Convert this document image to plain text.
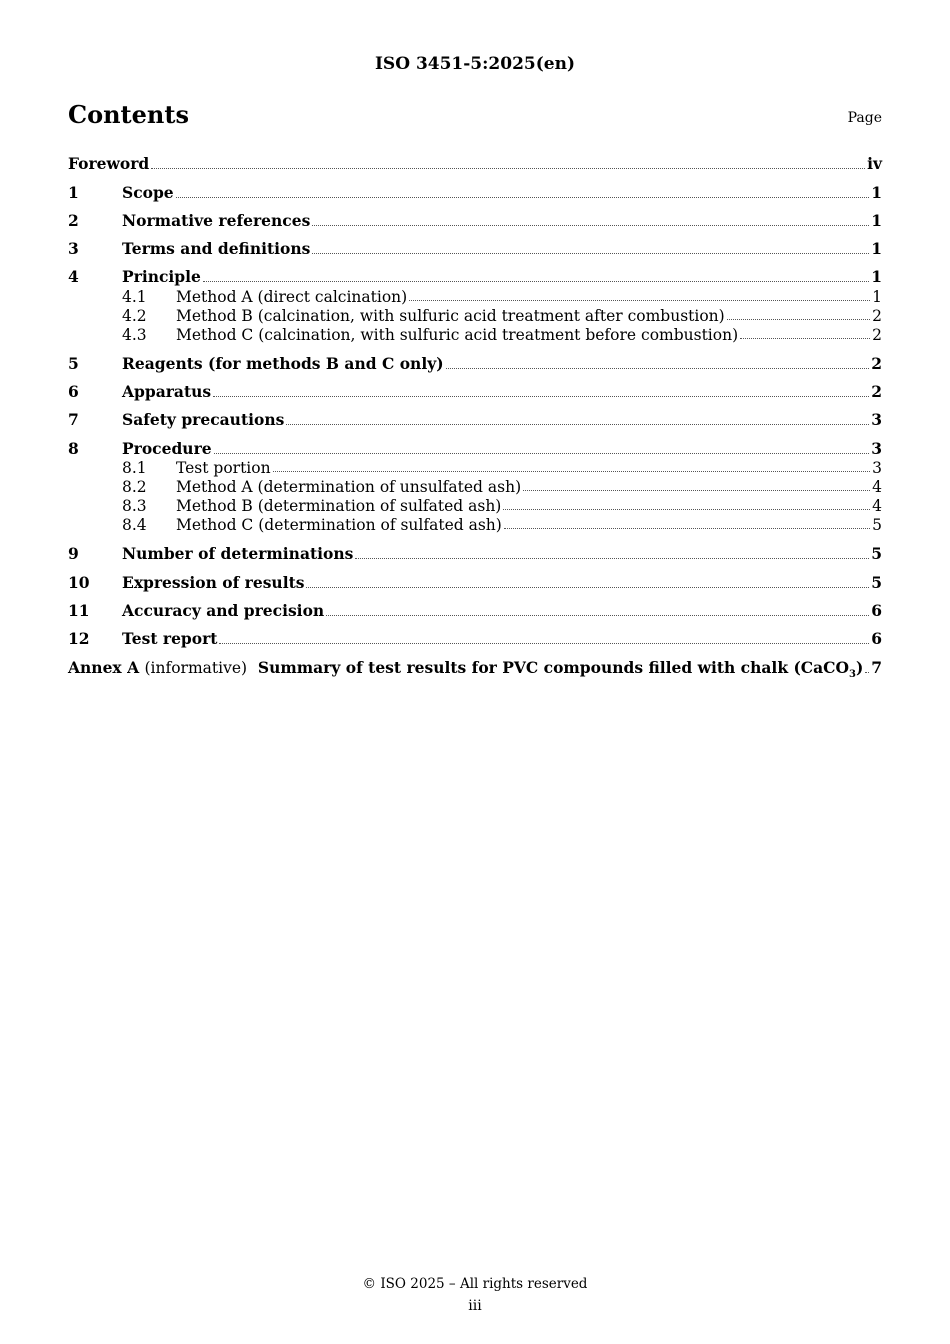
ISO 3451-5:2025(en)
Contents	Page
Foreword	iv
1	Scope	1
2	Normative references	1
3	Terms and definitions	1
4	Principle	1
4.1	Method A (direct calcination)	1
4.2	Method B (calcination, with sulfuric acid treatment after combustion)	2
4.3	Method C (calcination, with sulfuric acid treatment before combustion)	2
5	Reagents (for methods B and C only)	2
6	Apparatus	2
7	Safety precautions	3
8	Procedure	3
8.1	Test portion	3
8.2	Method A (determination of unsulfated ash)	4
8.3	Method B (determination of sulfated ash)	4
8.4	Method C (determination of sulfated ash)	5
9	Number of determinations	5
10	Expression of results	5
11	Accuracy and precision	6
12	Test report	6
Annex A (informative) Summary of test results for PVC compounds filled with chalk (CaCO$_3$) 7
© ISO 2025 – All rights reserved
iii
